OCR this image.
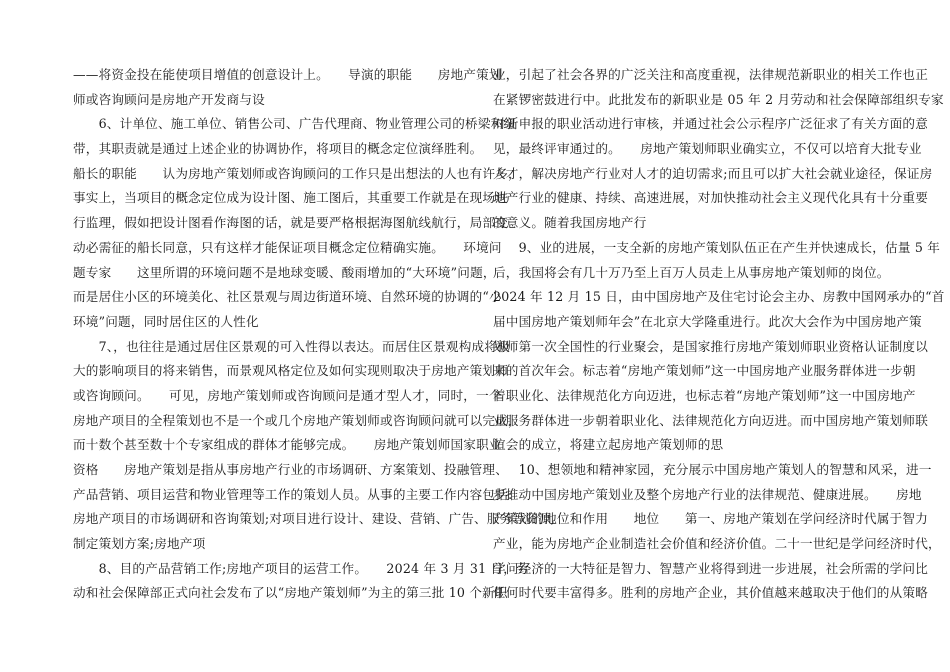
——将资金投在能使项目增值的创意设计上。　　导演的职能　　房地产策划
师或咨询顾问是房地产开发商与设
　　6、计单位、施工单位、销售公司、广告代理商、物业管理公司的桥梁和纽
带，其职责就是通过上述企业的协调协作，将项目的概念定位演绎胜利。
船长的职能　　认为房地产策划师或咨询顾问的工作只是出想法的人也有许多，
事实上，当项目的概念定位成为设计图、施工图后，其重要工作就是在现场进
行监理，假如把设计图看作海图的话，就是要严格根据海图航线航行，局部变
动必需征的船长同意，只有这样才能保证项目概念定位精确实施。　　环境问
题专家　　这里所谓的环境问题不是地球变暖、酸雨增加的“大环境”问题，
而是居住小区的环境美化、社区景观与周边街道环境、自然环境的协调的“小
环境”问题，同时居住区的人性化
　　7、，也往往是通过居住区景观的可入性得以表达。而居住区景观构成将极
大的影响项目的将来销售，而景观风格定位及如何实现则取决于房地产策划师
或咨询顾问。　　可见，房地产策划师或咨询顾问是通才型人才，同时，一个
房地产项目的全程策划也不是一个或几个房地产策划师或咨询顾问就可以完成，
而十数个甚至数十个专家组成的群体才能够完成。　　房地产策划师国家职业
资格　　房地产策划是指从事房地产行业的市场调研、方案策划、投融管理、
产品营销、项目运营和物业管理等工作的策划人员。从事的主要工作内容包括:
房地产项目的市场调研和咨询策划;对项目进行设计、建设、营销、广告、服务等资源,
制定策划方案;房地产项
　　8、目的产品营销工作;房地产项目的运营工作。　　2024 年 3 月 31 日，劳
动和社会保障部正式向社会发布了以“房地产策划师”为主的第三批 10 个新职
业，引起了社会各界的广泛关注和高度重视，法律规范新职业的相关工作也正
在紧锣密鼓进行中。此批发布的新职业是 05 年 2 月劳动和社会保障部组织专家
对新申报的职业活动进行审核，并通过社会公示程序广泛征求了有关方面的意
见，最终评审通过的。　　房地产策划师职业确实立，不仅可以培育大批专业
人才，解决房地产行业对人才的迫切需求;而且可以扩大社会就业途径，保证房
地产行业的健康、持续、高速进展，对加快推动社会主义现代化具有十分重要
的意义。随着我国房地产行
　　9、业的进展，一支全新的房地产策划队伍正在产生并快速成长，估量 5 年
后，我国将会有几十万乃至上百万人员走上从事房地产策划师的岗位。
2024 年 12 月 15 日，由中国房地产及住宅讨论会主办、房教中国网承办的“首
届中国房地产策划师年会”在北京大学隆重进行。此次大会作为中国房地产策
划师第一次全国性的行业聚会，是国家推行房地产策划师职业资格认证制度以
来的首次年会。标志着“房地产策划师”这一中国房地产业服务群体进一步朝
着职业化、法律规范化方向迈进，也标志着“房地产策划师”这一中国房地产
业服务群体进一步朝着职业化、法律规范化方向迈进。而中国房地产策划师联
谊会的成立，将建立起房地产策划师的思
　　10、想领地和精神家园，充分展示中国房地产策划人的智慧和风采，进一
步推动中国房地产策划业及整个房地产行业的法律规范、健康进展。　　房地
产策划的地位和作用　　地位　　第一、房地产策划在学问经济时代属于智力
产业，能为房地产企业制造社会价值和经济价值。二十一世纪是学问经济时代，
学问经济的一大特征是智力、智慧产业将得到进一步进展，社会所需的学问比
任何时代要丰富得多。胜利的房地产企业，其价值越来越取决于他们的从策略
